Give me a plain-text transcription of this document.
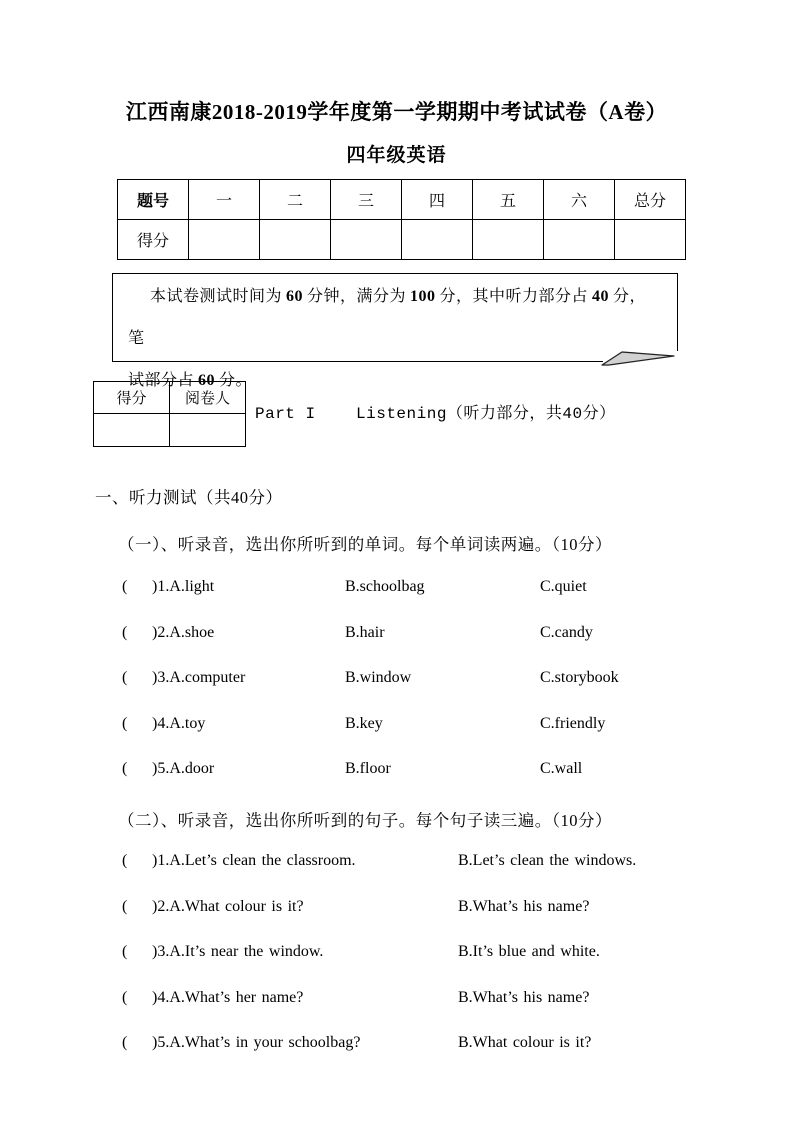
江西南康2018-2019学年度第一学期期中考试试卷（A卷）
四年级英语
题号	一	二	三	四	五	六	总分
得分							

本试卷测试时间为 60 分钟，满分为 100 分，其中听力部分占 40 分，笔
试部分占 60 分。

得分	阅卷人

Part I    Listening（听力部分，共40分）
一、听力测试（共40分）
（一）、听录音，选出你所听到的单词。每个单词读两遍。（10分）
( )1.A.light	B.schoolbag	C.quiet
( )2.A.shoe	B.hair	C.candy
( )3.A.computer	B.window	C.storybook
( )4.A.toy	B.key	C.friendly
( )5.A.door	B.floor	C.wall
（二）、听录音，选出你所听到的句子。每个句子读三遍。（10分）
( )1.A.Let’s clean the classroom.	B.Let’s clean the windows.
( )2.A.What colour is it?	B.What’s his name?
( )3.A.It’s near the window.	B.It’s blue and white.
( )4.A.What’s her name?	B.What’s his name?
( )5.A.What’s in your schoolbag?	B.What colour is it?
